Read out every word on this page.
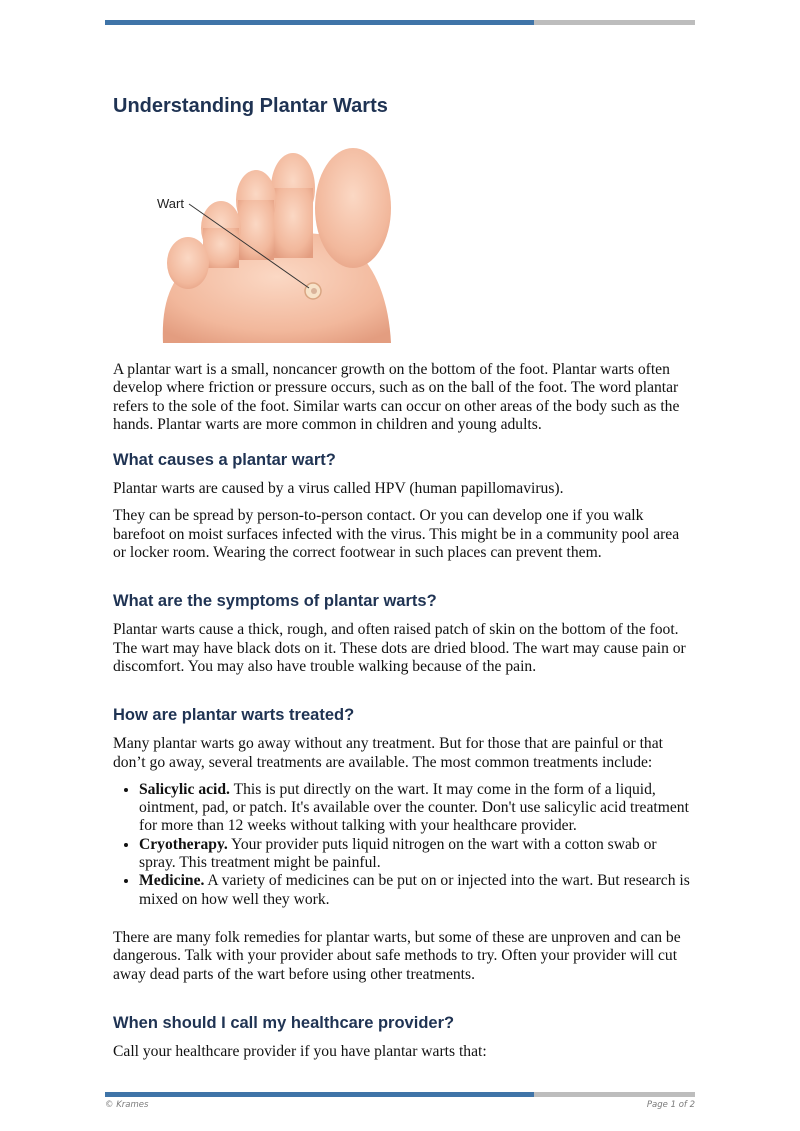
Understanding Plantar Warts
Wart

A plantar wart is a small, noncancer growth on the bottom of the foot. Plantar warts often develop where friction or pressure occurs, such as on the ball of the foot. The word plantar refers to the sole of the foot. Similar warts can occur on other areas of the body such as the hands. Plantar warts are more common in children and young adults.

What causes a plantar wart?

Plantar warts are caused by a virus called HPV (human papillomavirus).

They can be spread by person-to-person contact. Or you can develop one if you walk barefoot on moist surfaces infected with the virus. This might be in a community pool area or locker room. Wearing the correct footwear in such places can prevent them.

What are the symptoms of plantar warts?

Plantar warts cause a thick, rough, and often raised patch of skin on the bottom of the foot. The wart may have black dots on it. These dots are dried blood. The wart may cause pain or discomfort. You may also have trouble walking because of the pain.

How are plantar warts treated?

Many plantar warts go away without any treatment. But for those that are painful or that don’t go away, several treatments are available. The most common treatments include:

• Salicylic acid. This is put directly on the wart. It may come in the form of a liquid, ointment, pad, or patch. It's available over the counter. Don't use salicylic acid treatment for more than 12 weeks without talking with your healthcare provider.
• Cryotherapy. Your provider puts liquid nitrogen on the wart with a cotton swab or spray. This treatment might be painful.
• Medicine. A variety of medicines can be put on or injected into the wart. But research is mixed on how well they work.

There are many folk remedies for plantar warts, but some of these are unproven and can be dangerous. Talk with your provider about safe methods to try. Often your provider will cut away dead parts of the wart before using other treatments.

When should I call my healthcare provider?

Call your healthcare provider if you have plantar warts that:

© Krames	Page 1 of 2
